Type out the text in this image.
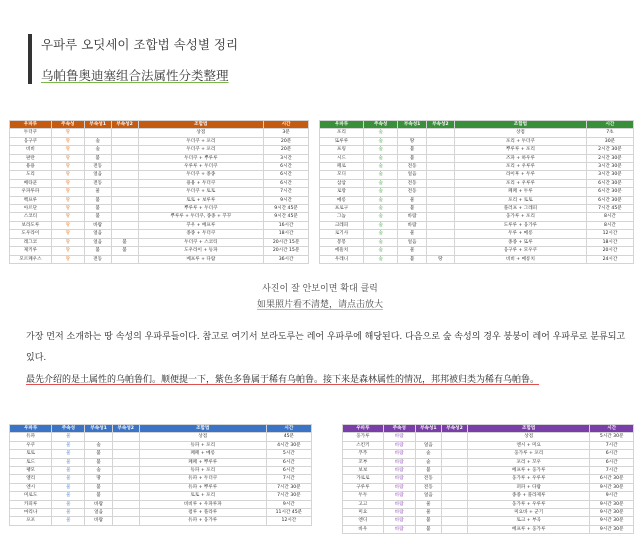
우파루 오딧세이 조합법 속성별 정리
乌帕鲁奥迪塞组合法属性分类整理
우파루	주속성	부속성1	부속성2	조합법	시간
두더쿠	땅			상점	3분
웅구쿠	땅	숲		두더쿠 + 포리	20분
비비	땅	숲		두더쿠 + 포리	20분
판란	땅	불		두더쿠 + 뿌루루	3시간
용용	땅	전동		우루루 + 두더쿠	6시간
도리	땅	얼음		두더쿠 + 종종	6시간
베타쿤	땅	전동		용용 + 두더쿠	6시간
우파투파	땅	물		두더쿠 + 토토	7시간
벡프루	땅	불		토토 + 보루루	9시간
아르단	땅	불		뿌루루 + 두더쿠	9시간 45분
스코티	땅	불		뿌루루 + 두더쿠, 종종 + 꾸꾸	9시간 45분
보라도루	땅	바람		꾸우 + 베프루	16시간
도우라이	땅	얼음		종종 + 두더쿠	18시간
레그코	땅	얼음	불	두더쿠 + 스코티	20시간 15분
제키루	땅	불	불	도우라이 + 듀파	20시간 15분
모르페우스	땅	전동		베프루 + 다람	36시간
우파루	주속성	부속성1	부속성2	조합법	시간
포리	숲			상점	7초
또루루	숲	땅		포리 + 두더쿠	30분
프링	숲	불		뿌루루 + 포리	2시간 30분
시드	숲	불		즈파 + 하우루	2시간 30분
페로	숲	전동		포리 + 우루루	3시간 30분
모디	숲	얼음		라이후 + 두루	3시간 30분
삼삼	숲	전동		포리 + 우루루	6시간 30분
로랑	숲	전동		페페 + 두루	6시간 30분
메롱	숲	물		포리 + 토토	6시간 30분
프로구	숲	불		플러프 + 그레피	7시간 45분
그놈	숲	바람		웅가루 + 포리	8시간
크레피	숲	바람		도루루 + 웅가루	8시간
로기사	숲	물		두루 + 메롱	12시간
봉봉	숲	얼음		종종 + 또루	18시간
에뜰치	숲	물		웅구루 + 모우쿠	20시간
우레니	숲	불	땅	비비 + 메롱치	24시간
우파루	주속성	부속성1	부속성2	조합법	시간
듀파	물			상점	45분
우쿠	물	숲		듀파 + 포리	4시간 30분
토토	물	불		페페 + 메롱	5시간
토드	물	불		페페 + 뿌루루	6시간
펭모	물	숲		듀파 + 포리	6시간
엘리	물	땅		듀파 + 두더쿠	7시간
엔시	물	불		듀파 + 뿌루루	7시간 30분
미로도	물	불		토토 + 포리	7시간 30분
카피루	물	바람		비비루 + 우파루파	9시간
마리나	물	얼음		펌루 + 플라루	11시간 45분
포포	물	바람		듀파 + 웅가루	12시간
우파루	주속성	부속성1	부속성2	조합법	시간
웅가루	바람			상점	5시간 30분
스킨키	바람	얼음		엔시 + 미요	7시간
푸푸	바람	숲		웅가루 + 포리	6시간
꼬부	바람	숲		포리 + 꼬우	6시간
보보	바람	불		베프루 + 웅가루	7시간
가로로	바람	전동		웅가루 + 우루루	6시간 30분
구루루	바람	전동		퍼파 + 다람	9시간 30분
두두	바람	얼음		종종 + 플라제루	9시간
고고	바람	물		웅가루 + 우루루	9시간 30분
미요	바람	물		미요바 + 군기	9시간 30분
엔디	바람	불		토크 + 부곡	9시간 30분
바우	바람	불		베프루 + 웅가루	9시간 30분
사진이 잘 안보이면 확대 클릭
如果照片看不清楚，请点击放大
가장 먼저 소개하는 땅 속성의 우파루들이다. 참고로 여기서 보라도루는 레어 우파루에 해당된다. 다음으로 숲 속성의 경우 붕붕이 레어 우파루로 분류되고 있다.
最先介绍的是土属性的乌帕鲁们。顺便提一下，紫色多鲁属于稀有乌帕鲁。接下来是森林属性的情况，邦邦被归类为稀有乌帕鲁。
